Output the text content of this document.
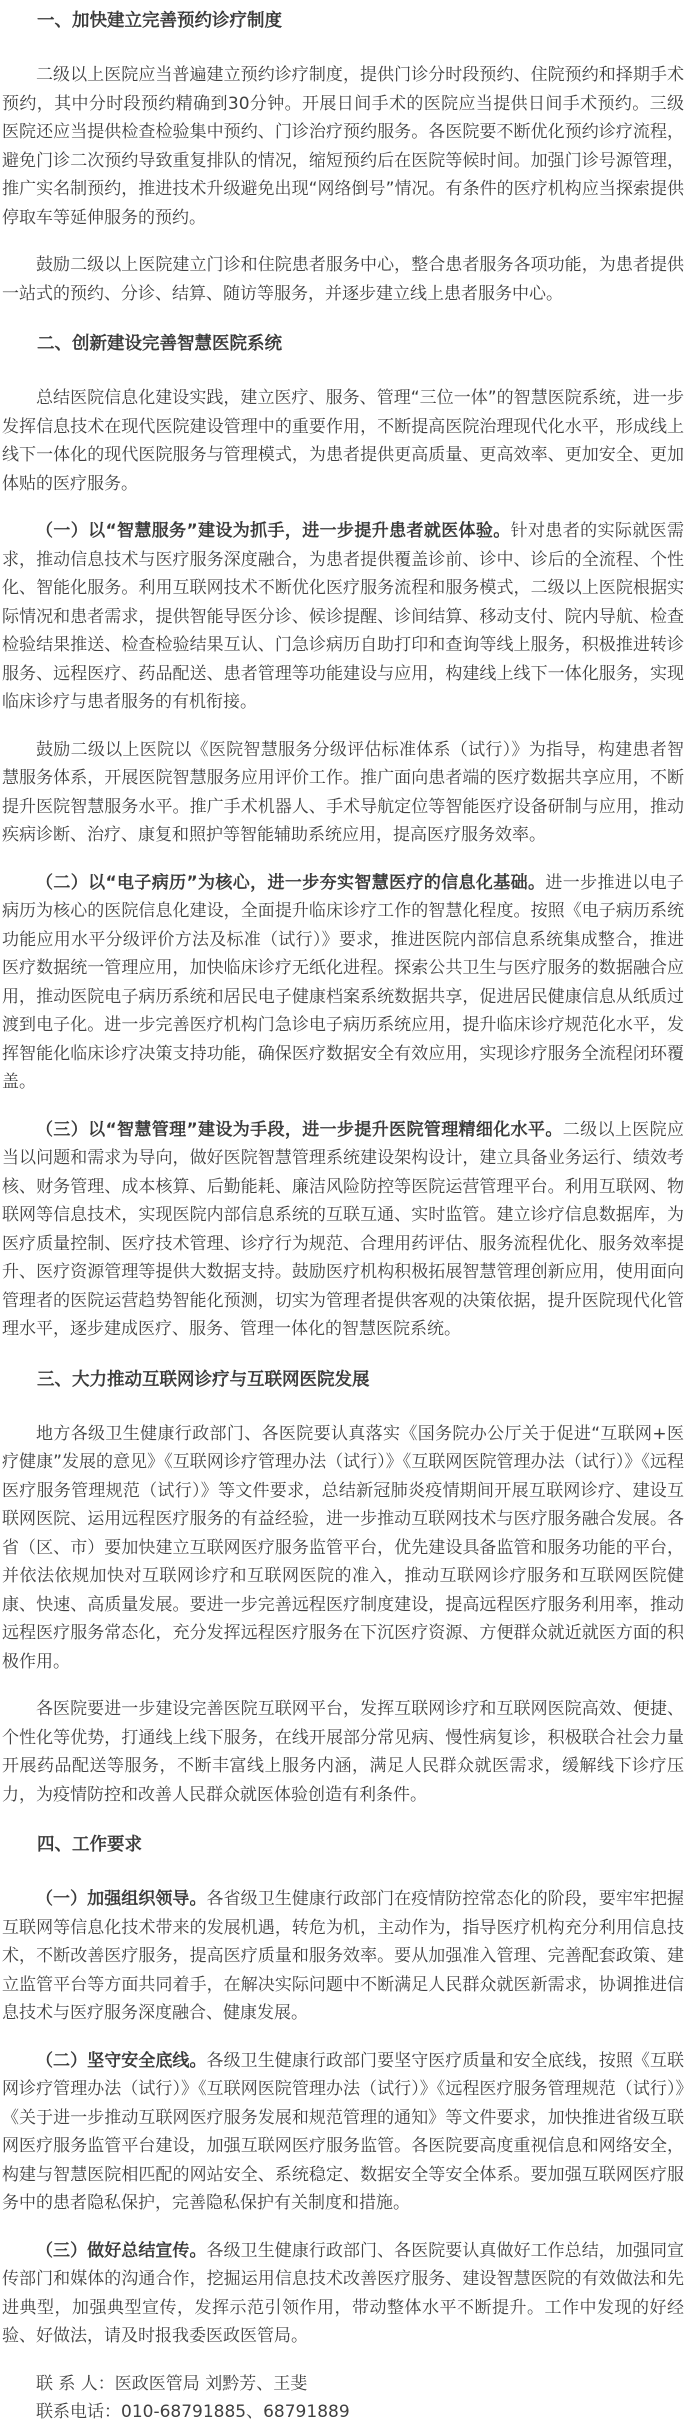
一、加快建立完善预约诊疗制度

二级以上医院应当普遍建立预约诊疗制度，提供门诊分时段预约、住院预约和择期手术预约，其中分时段预约精确到30分钟。开展日间手术的医院应当提供日间手术预约。三级医院还应当提供检查检验集中预约、门诊治疗预约服务。各医院要不断优化预约诊疗流程，避免门诊二次预约导致重复排队的情况，缩短预约后在医院等候时间。加强门诊号源管理，推广实名制预约，推进技术升级避免出现“网络倒号”情况。有条件的医疗机构应当探索提供停取车等延伸服务的预约。

鼓励二级以上医院建立门诊和住院患者服务中心，整合患者服务各项功能，为患者提供一站式的预约、分诊、结算、随访等服务，并逐步建立线上患者服务中心。

二、创新建设完善智慧医院系统

总结医院信息化建设实践，建立医疗、服务、管理“三位一体”的智慧医院系统，进一步发挥信息技术在现代医院建设管理中的重要作用，不断提高医院治理现代化水平，形成线上线下一体化的现代医院服务与管理模式，为患者提供更高质量、更高效率、更加安全、更加体贴的医疗服务。

（一）以“智慧服务”建设为抓手，进一步提升患者就医体验。针对患者的实际就医需求，推动信息技术与医疗服务深度融合，为患者提供覆盖诊前、诊中、诊后的全流程、个性化、智能化服务。利用互联网技术不断优化医疗服务流程和服务模式，二级以上医院根据实际情况和患者需求，提供智能导医分诊、候诊提醒、诊间结算、移动支付、院内导航、检查检验结果推送、检查检验结果互认、门急诊病历自助打印和查询等线上服务，积极推进转诊服务、远程医疗、药品配送、患者管理等功能建设与应用，构建线上线下一体化服务，实现临床诊疗与患者服务的有机衔接。

鼓励二级以上医院以《医院智慧服务分级评估标准体系（试行）》为指导，构建患者智慧服务体系，开展医院智慧服务应用评价工作。推广面向患者端的医疗数据共享应用，不断提升医院智慧服务水平。推广手术机器人、手术导航定位等智能医疗设备研制与应用，推动疾病诊断、治疗、康复和照护等智能辅助系统应用，提高医疗服务效率。

（二）以“电子病历”为核心，进一步夯实智慧医疗的信息化基础。进一步推进以电子病历为核心的医院信息化建设，全面提升临床诊疗工作的智慧化程度。按照《电子病历系统功能应用水平分级评价方法及标准（试行）》要求，推进医院内部信息系统集成整合，推进医疗数据统一管理应用，加快临床诊疗无纸化进程。探索公共卫生与医疗服务的数据融合应用，推动医院电子病历系统和居民电子健康档案系统数据共享，促进居民健康信息从纸质过渡到电子化。进一步完善医疗机构门急诊电子病历系统应用，提升临床诊疗规范化水平，发挥智能化临床诊疗决策支持功能，确保医疗数据安全有效应用，实现诊疗服务全流程闭环覆盖。

（三）以“智慧管理”建设为手段，进一步提升医院管理精细化水平。二级以上医院应当以问题和需求为导向，做好医院智慧管理系统建设架构设计，建立具备业务运行、绩效考核、财务管理、成本核算、后勤能耗、廉洁风险防控等医院运营管理平台。利用互联网、物联网等信息技术，实现医院内部信息系统的互联互通、实时监管。建立诊疗信息数据库，为医疗质量控制、医疗技术管理、诊疗行为规范、合理用药评估、服务流程优化、服务效率提升、医疗资源管理等提供大数据支持。鼓励医疗机构积极拓展智慧管理创新应用，使用面向管理者的医院运营趋势智能化预测，切实为管理者提供客观的决策依据，提升医院现代化管理水平，逐步建成医疗、服务、管理一体化的智慧医院系统。

三、大力推动互联网诊疗与互联网医院发展

地方各级卫生健康行政部门、各医院要认真落实《国务院办公厅关于促进“互联网+医疗健康”发展的意见》《互联网诊疗管理办法（试行）》《互联网医院管理办法（试行）》《远程医疗服务管理规范（试行）》等文件要求，总结新冠肺炎疫情期间开展互联网诊疗、建设互联网医院、运用远程医疗服务的有益经验，进一步推动互联网技术与医疗服务融合发展。各省（区、市）要加快建立互联网医疗服务监管平台，优先建设具备监管和服务功能的平台，并依法依规加快对互联网诊疗和互联网医院的准入，推动互联网诊疗服务和互联网医院健康、快速、高质量发展。要进一步完善远程医疗制度建设，提高远程医疗服务利用率，推动远程医疗服务常态化，充分发挥远程医疗服务在下沉医疗资源、方便群众就近就医方面的积极作用。

各医院要进一步建设完善医院互联网平台，发挥互联网诊疗和互联网医院高效、便捷、个性化等优势，打通线上线下服务，在线开展部分常见病、慢性病复诊，积极联合社会力量开展药品配送等服务，不断丰富线上服务内涵，满足人民群众就医需求，缓解线下诊疗压力，为疫情防控和改善人民群众就医体验创造有利条件。

四、工作要求

（一）加强组织领导。各省级卫生健康行政部门在疫情防控常态化的阶段，要牢牢把握互联网等信息化技术带来的发展机遇，转危为机，主动作为，指导医疗机构充分利用信息技术，不断改善医疗服务，提高医疗质量和服务效率。要从加强准入管理、完善配套政策、建立监管平台等方面共同着手，在解决实际问题中不断满足人民群众就医新需求，协调推进信息技术与医疗服务深度融合、健康发展。

（二）坚守安全底线。各级卫生健康行政部门要坚守医疗质量和安全底线，按照《互联网诊疗管理办法（试行）》《互联网医院管理办法（试行）》《远程医疗服务管理规范（试行）》《关于进一步推动互联网医疗服务发展和规范管理的通知》等文件要求，加快推进省级互联网医疗服务监管平台建设，加强互联网医疗服务监管。各医院要高度重视信息和网络安全，构建与智慧医院相匹配的网站安全、系统稳定、数据安全等安全体系。要加强互联网医疗服务中的患者隐私保护，完善隐私保护有关制度和措施。

（三）做好总结宣传。各级卫生健康行政部门、各医院要认真做好工作总结，加强同宣传部门和媒体的沟通合作，挖掘运用信息技术改善医疗服务、建设智慧医院的有效做法和先进典型，加强典型宣传，发挥示范引领作用，带动整体水平不断提升。工作中发现的好经验、好做法，请及时报我委医政医管局。

联 系 人：医政医管局 刘黔芳、王斐

联系电话：010-68791885、68791889
